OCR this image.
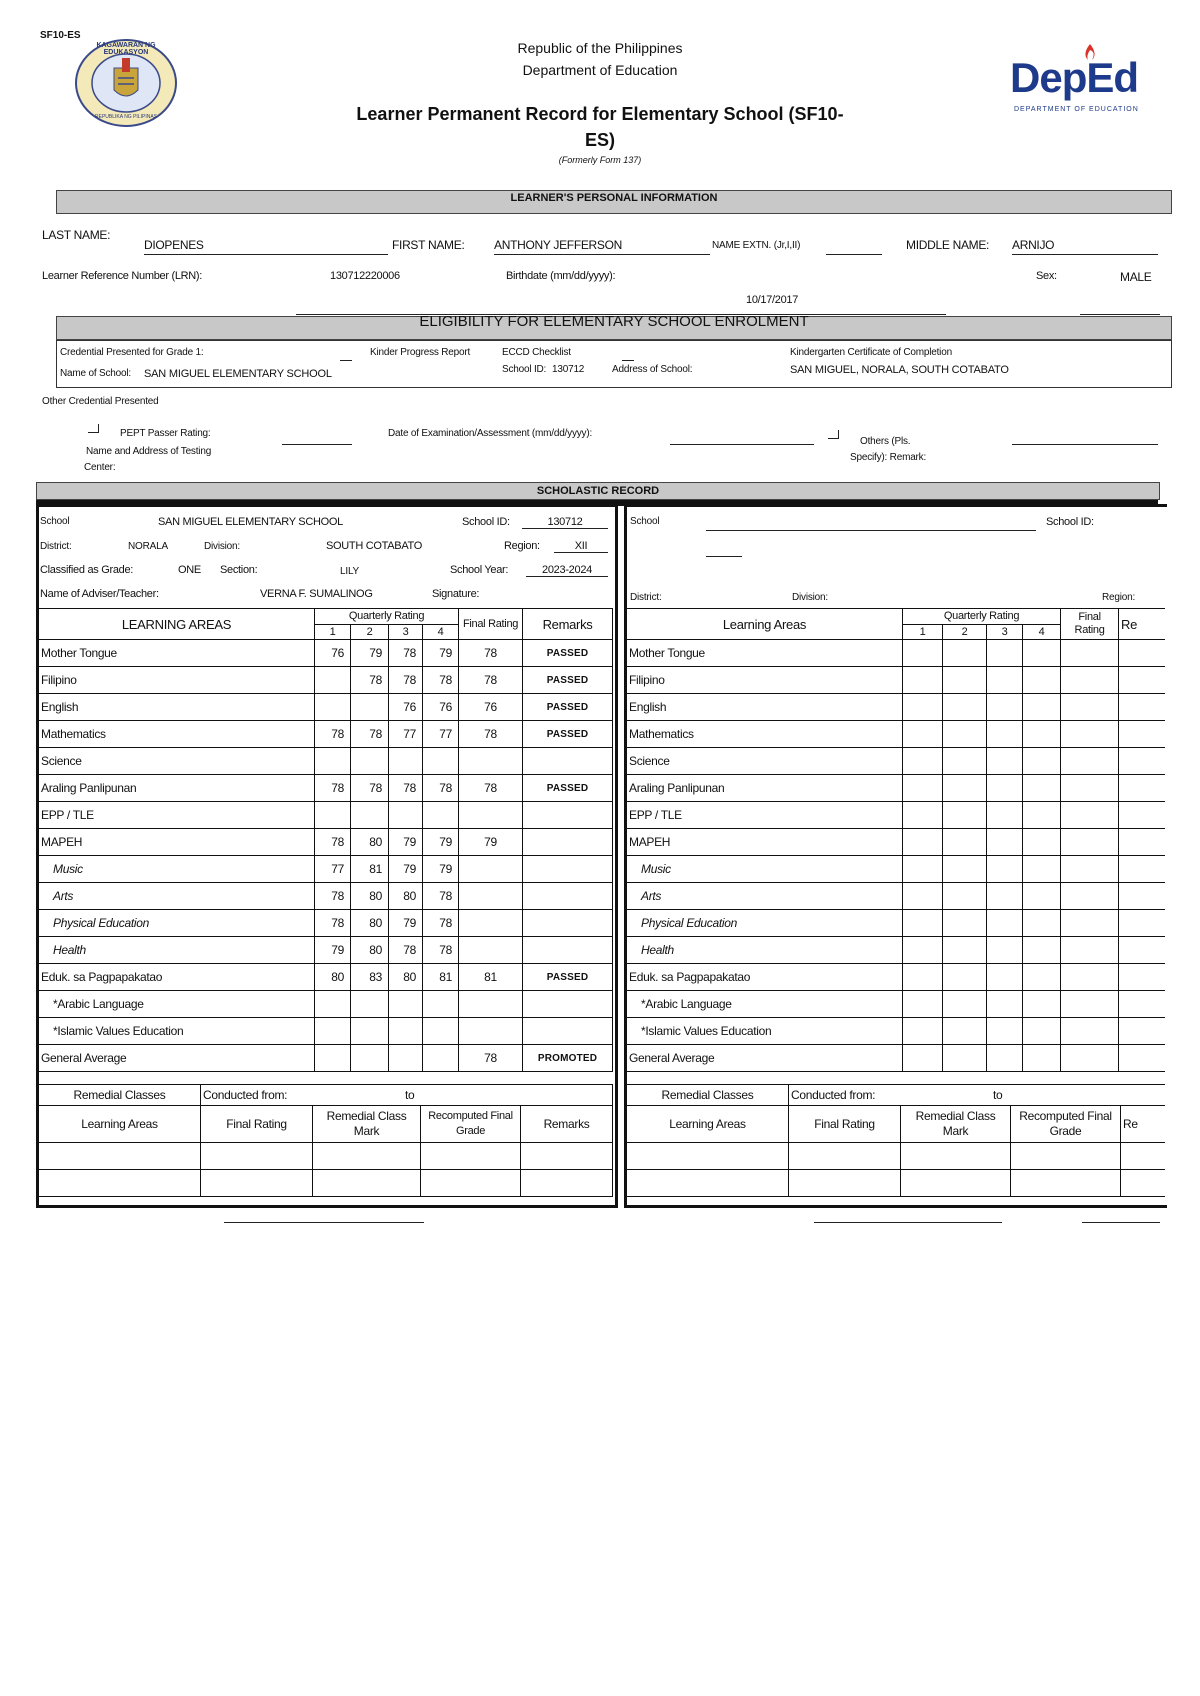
SF10-ES
KAGAWARAN NG EDUKASYON
REPUBLIKA NG PILIPINAS
Republic of the Philippines
Department of Education
Learner Permanent Record for Elementary School (SF10-
ES)
(Formerly Form 137)
DepEd
DEPARTMENT OF EDUCATION
LEARNER'S PERSONAL INFORMATION
LAST NAME:
DIOPENES	FIRST NAME: ANTHONY JEFFERSON	NAME EXTN. (Jr,I,II)	MIDDLE NAME: ARNIJO
Learner Reference Number (LRN):	130712220006	Birthdate (mm/dd/yyyy):
10/17/2017
Sex:	MALE
ELIGIBILITY FOR ELEMENTARY SCHOOL ENROLMENT
Credential Presented for Grade 1:	Kinder Progress Report	ECCD Checklist	Kindergarten Certificate of Completion
Name of School: SAN MIGUEL ELEMENTARY SCHOOL	School ID: 130712	Address of School:	SAN MIGUEL, NORALA, SOUTH COTABATO
Other Credential Presented
PEPT Passer Rating:	Date of Examination/Assessment (mm/dd/yyyy):
Others (Pls.
Specify): Remark:
Name and Address of Testing
Center:
SCHOLASTIC RECORD
School	SAN MIGUEL ELEMENTARY SCHOOL	School ID:	130712
District:	NORALA	Division:	SOUTH COTABATO	Region:	XII
Classified as Grade:	ONE Section:	LILY	School Year:	2023-2024
Name of Adviser/Teacher:	VERNA F. SUMALINOG	Signature:
LEARNING AREAS	Quarterly Rating				Final Rating	Remarks
	1	2	3	4		
Mother Tongue	76	79	78	79	78	PASSED
Filipino		78	78	78	78	PASSED
English			76	76	76	PASSED
Mathematics	78	78	77	77	78	PASSED
Science						
Araling Panlipunan	78	78	78	78	78	PASSED
EPP / TLE						
MAPEH	78	80	79	79	79	
Music	77	81	79	79		
Arts	78	80	80	78		
Physical Education	78	80	79	78		
Health	79	80	78	78		
Eduk. sa Pagpapakatao	80	83	80	81	81	PASSED
*Arabic Language						
*Islamic Values Education						
General Average					78	PROMOTED
Remedial Classes	Conducted from: to			

Learning Areas	Final Rating	Remedial Class Mark	Recomputed Final Grade	Remarks

School	School ID:
District:	Division:	Region:
Learning Areas	Quarterly Rating				Final Rating	Re
	1	2	3	4		
Mother Tongue						
Filipino						
English						
Mathematics						
Science						
Araling Panlipunan						
EPP / TLE						
MAPEH						
Music						
Arts						
Physical Education						
Health						
Eduk. sa Pagpapakatao						
*Arabic Language						
*Islamic Values Education						
General Average						
Remedial Classes	Conducted from: to			

Learning Areas	Final Rating	Remedial Class Mark	Recomputed Final Grade	Re
